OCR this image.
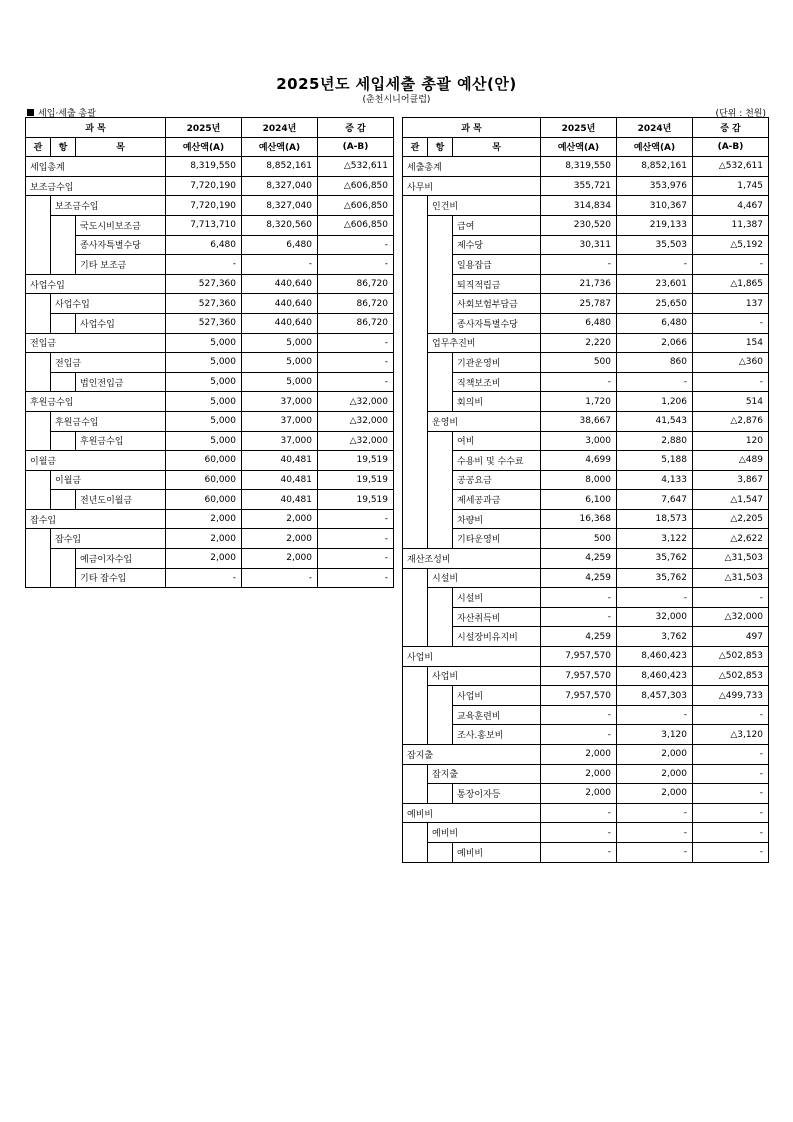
2025년도 세입세출 총괄 예산(안)
(춘천시니어클럽)
세입·세출 총괄	(단위 : 천원)
과 목			2025년	2024년	증 감
관	항	목	예산액(A)	예산액(A)	(A-B)
세입총계			8,319,550	8,852,161	△532,611
보조금수입			7,720,190	8,327,040	△606,850
	보조금수입		7,720,190	8,327,040	△606,850
		국도시비보조금	7,713,710	8,320,560	△606,850
		종사자특별수당	6,480	6,480	-
		기타 보조금	-	-	-
사업수입			527,360	440,640	86,720
	사업수입		527,360	440,640	86,720
		사업수입	527,360	440,640	86,720
전입금			5,000	5,000	-
	전입금		5,000	5,000	-
		법인전입금	5,000	5,000	-
후원금수입			5,000	37,000	△32,000
	후원금수입		5,000	37,000	△32,000
		후원금수입	5,000	37,000	△32,000
이월금			60,000	40,481	19,519
	이월금		60,000	40,481	19,519
		전년도이월금	60,000	40,481	19,519
잡수입			2,000	2,000	-
	잡수입		2,000	2,000	-
		예금이자수입	2,000	2,000	-
		기타 잡수입	-	-	-
과 목			2025년	2024년	증 감
관	항	목	예산액(A)	예산액(A)	(A-B)
세출총계			8,319,550	8,852,161	△532,611
사무비			355,721	353,976	1,745
	인건비		314,834	310,367	4,467
		급여	230,520	219,133	11,387
		제수당	30,311	35,503	△5,192
		일용잡급	-	-	-
		퇴직적립금	21,736	23,601	△1,865
		사회보험부담금	25,787	25,650	137
		종사자특별수당	6,480	6,480	-
	업무추진비		2,220	2,066	154
		기관운영비	500	860	△360
		직책보조비	-	-	-
		회의비	1,720	1,206	514
	운영비		38,667	41,543	△2,876
		여비	3,000	2,880	120
		수용비 및 수수료	4,699	5,188	△489
		공공요금	8,000	4,133	3,867
		제세공과금	6,100	7,647	△1,547
		차량비	16,368	18,573	△2,205
		기타운영비	500	3,122	△2,622
재산조성비			4,259	35,762	△31,503
	시설비		4,259	35,762	△31,503
		시설비	-	-	-
		자산취득비	-	32,000	△32,000
		시설장비유지비	4,259	3,762	497
사업비			7,957,570	8,460,423	△502,853
	사업비		7,957,570	8,460,423	△502,853
		사업비	7,957,570	8,457,303	△499,733
		교육훈련비	-	-	-
		조사.홍보비	-	3,120	△3,120
잡지출			2,000	2,000	-
	잡지출		2,000	2,000	-
		통장이자등	2,000	2,000	-
예비비			-	-	-
	예비비		-	-	-
		예비비	-	-	-
